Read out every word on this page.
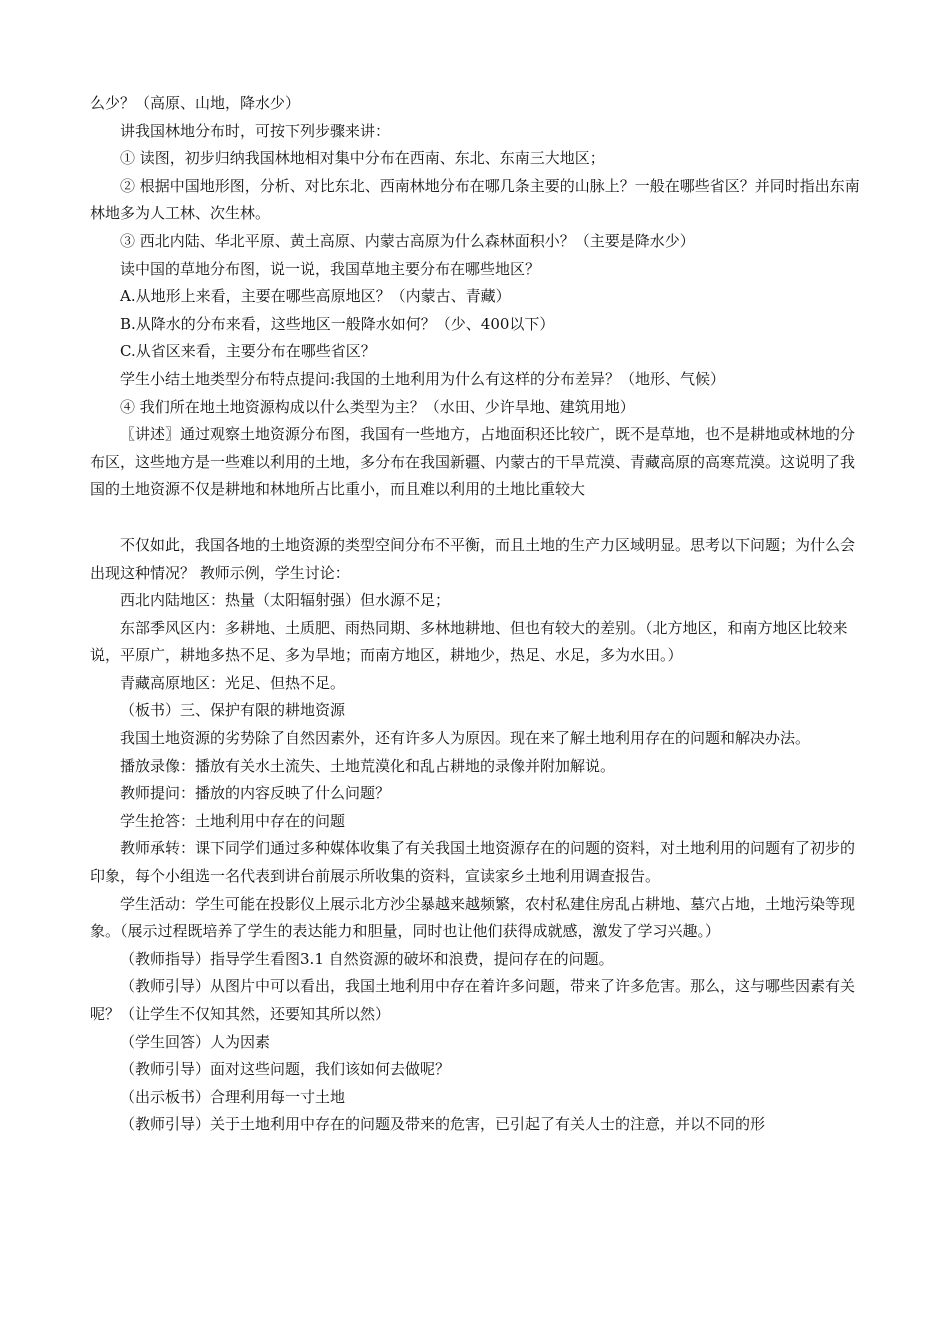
么少？（高原、山地，降水少）

讲我国林地分布时，可按下列步骤来讲：

① 读图，初步归纳我国林地相对集中分布在西南、东北、东南三大地区；

② 根据中国地形图，分析、对比东北、西南林地分布在哪几条主要的山脉上？一般在哪些省区？并同时指出东南林地多为人工林、次生林。

③ 西北内陆、华北平原、黄土高原、内蒙古高原为什么森林面积小？（主要是降水少）

读中国的草地分布图，说一说，我国草地主要分布在哪些地区？

A.从地形上来看，主要在哪些高原地区？（内蒙古、青藏）

B.从降水的分布来看，这些地区一般降水如何？（少、400以下）

C.从省区来看，主要分布在哪些省区？

学生小结土地类型分布特点提问:我国的土地利用为什么有这样的分布差异？（地形、气候）

④ 我们所在地土地资源构成以什么类型为主？（水田、少许旱地、建筑用地）

〖讲述〗通过观察土地资源分布图，我国有一些地方，占地面积还比较广，既不是草地，也不是耕地或林地的分布区，这些地方是一些难以利用的土地，多分布在我国新疆、内蒙古的干旱荒漠、青藏高原的高寒荒漠。这说明了我国的土地资源不仅是耕地和林地所占比重小，而且难以利用的土地比重较大

不仅如此，我国各地的土地资源的类型空间分布不平衡，而且土地的生产力区域明显。思考以下问题；为什么会出现这种情况？ 教师示例，学生讨论：

西北内陆地区：热量（太阳辐射强）但水源不足；

东部季风区内：多耕地、土质肥、雨热同期、多林地耕地、但也有较大的差别。（北方地区，和南方地区比较来说，平原广，耕地多热不足、多为旱地；而南方地区，耕地少，热足、水足，多为水田。）

青藏高原地区：光足、但热不足。

（板书）三、保护有限的耕地资源

我国土地资源的劣势除了自然因素外，还有许多人为原因。现在来了解土地利用存在的问题和解决办法。

播放录像：播放有关水土流失、土地荒漠化和乱占耕地的录像并附加解说。

教师提问：播放的内容反映了什么问题？

学生抢答：土地利用中存在的问题

教师承转：课下同学们通过多种媒体收集了有关我国土地资源存在的问题的资料，对土地利用的问题有了初步的印象，每个小组选一名代表到讲台前展示所收集的资料，宣读家乡土地利用调查报告。

学生活动：学生可能在投影仪上展示北方沙尘暴越来越频繁，农村私建住房乱占耕地、墓穴占地，土地污染等现象。（展示过程既培养了学生的表达能力和胆量，同时也让他们获得成就感，激发了学习兴趣。）

（教师指导）指导学生看图3.1 自然资源的破坏和浪费，提问存在的问题。

（教师引导）从图片中可以看出，我国土地利用中存在着许多问题，带来了许多危害。那么，这与哪些因素有关呢？（让学生不仅知其然，还要知其所以然）

（学生回答）人为因素

（教师引导）面对这些问题，我们该如何去做呢？

（出示板书）合理利用每一寸土地

（教师引导）关于土地利用中存在的问题及带来的危害，已引起了有关人士的注意，并以不同的形
